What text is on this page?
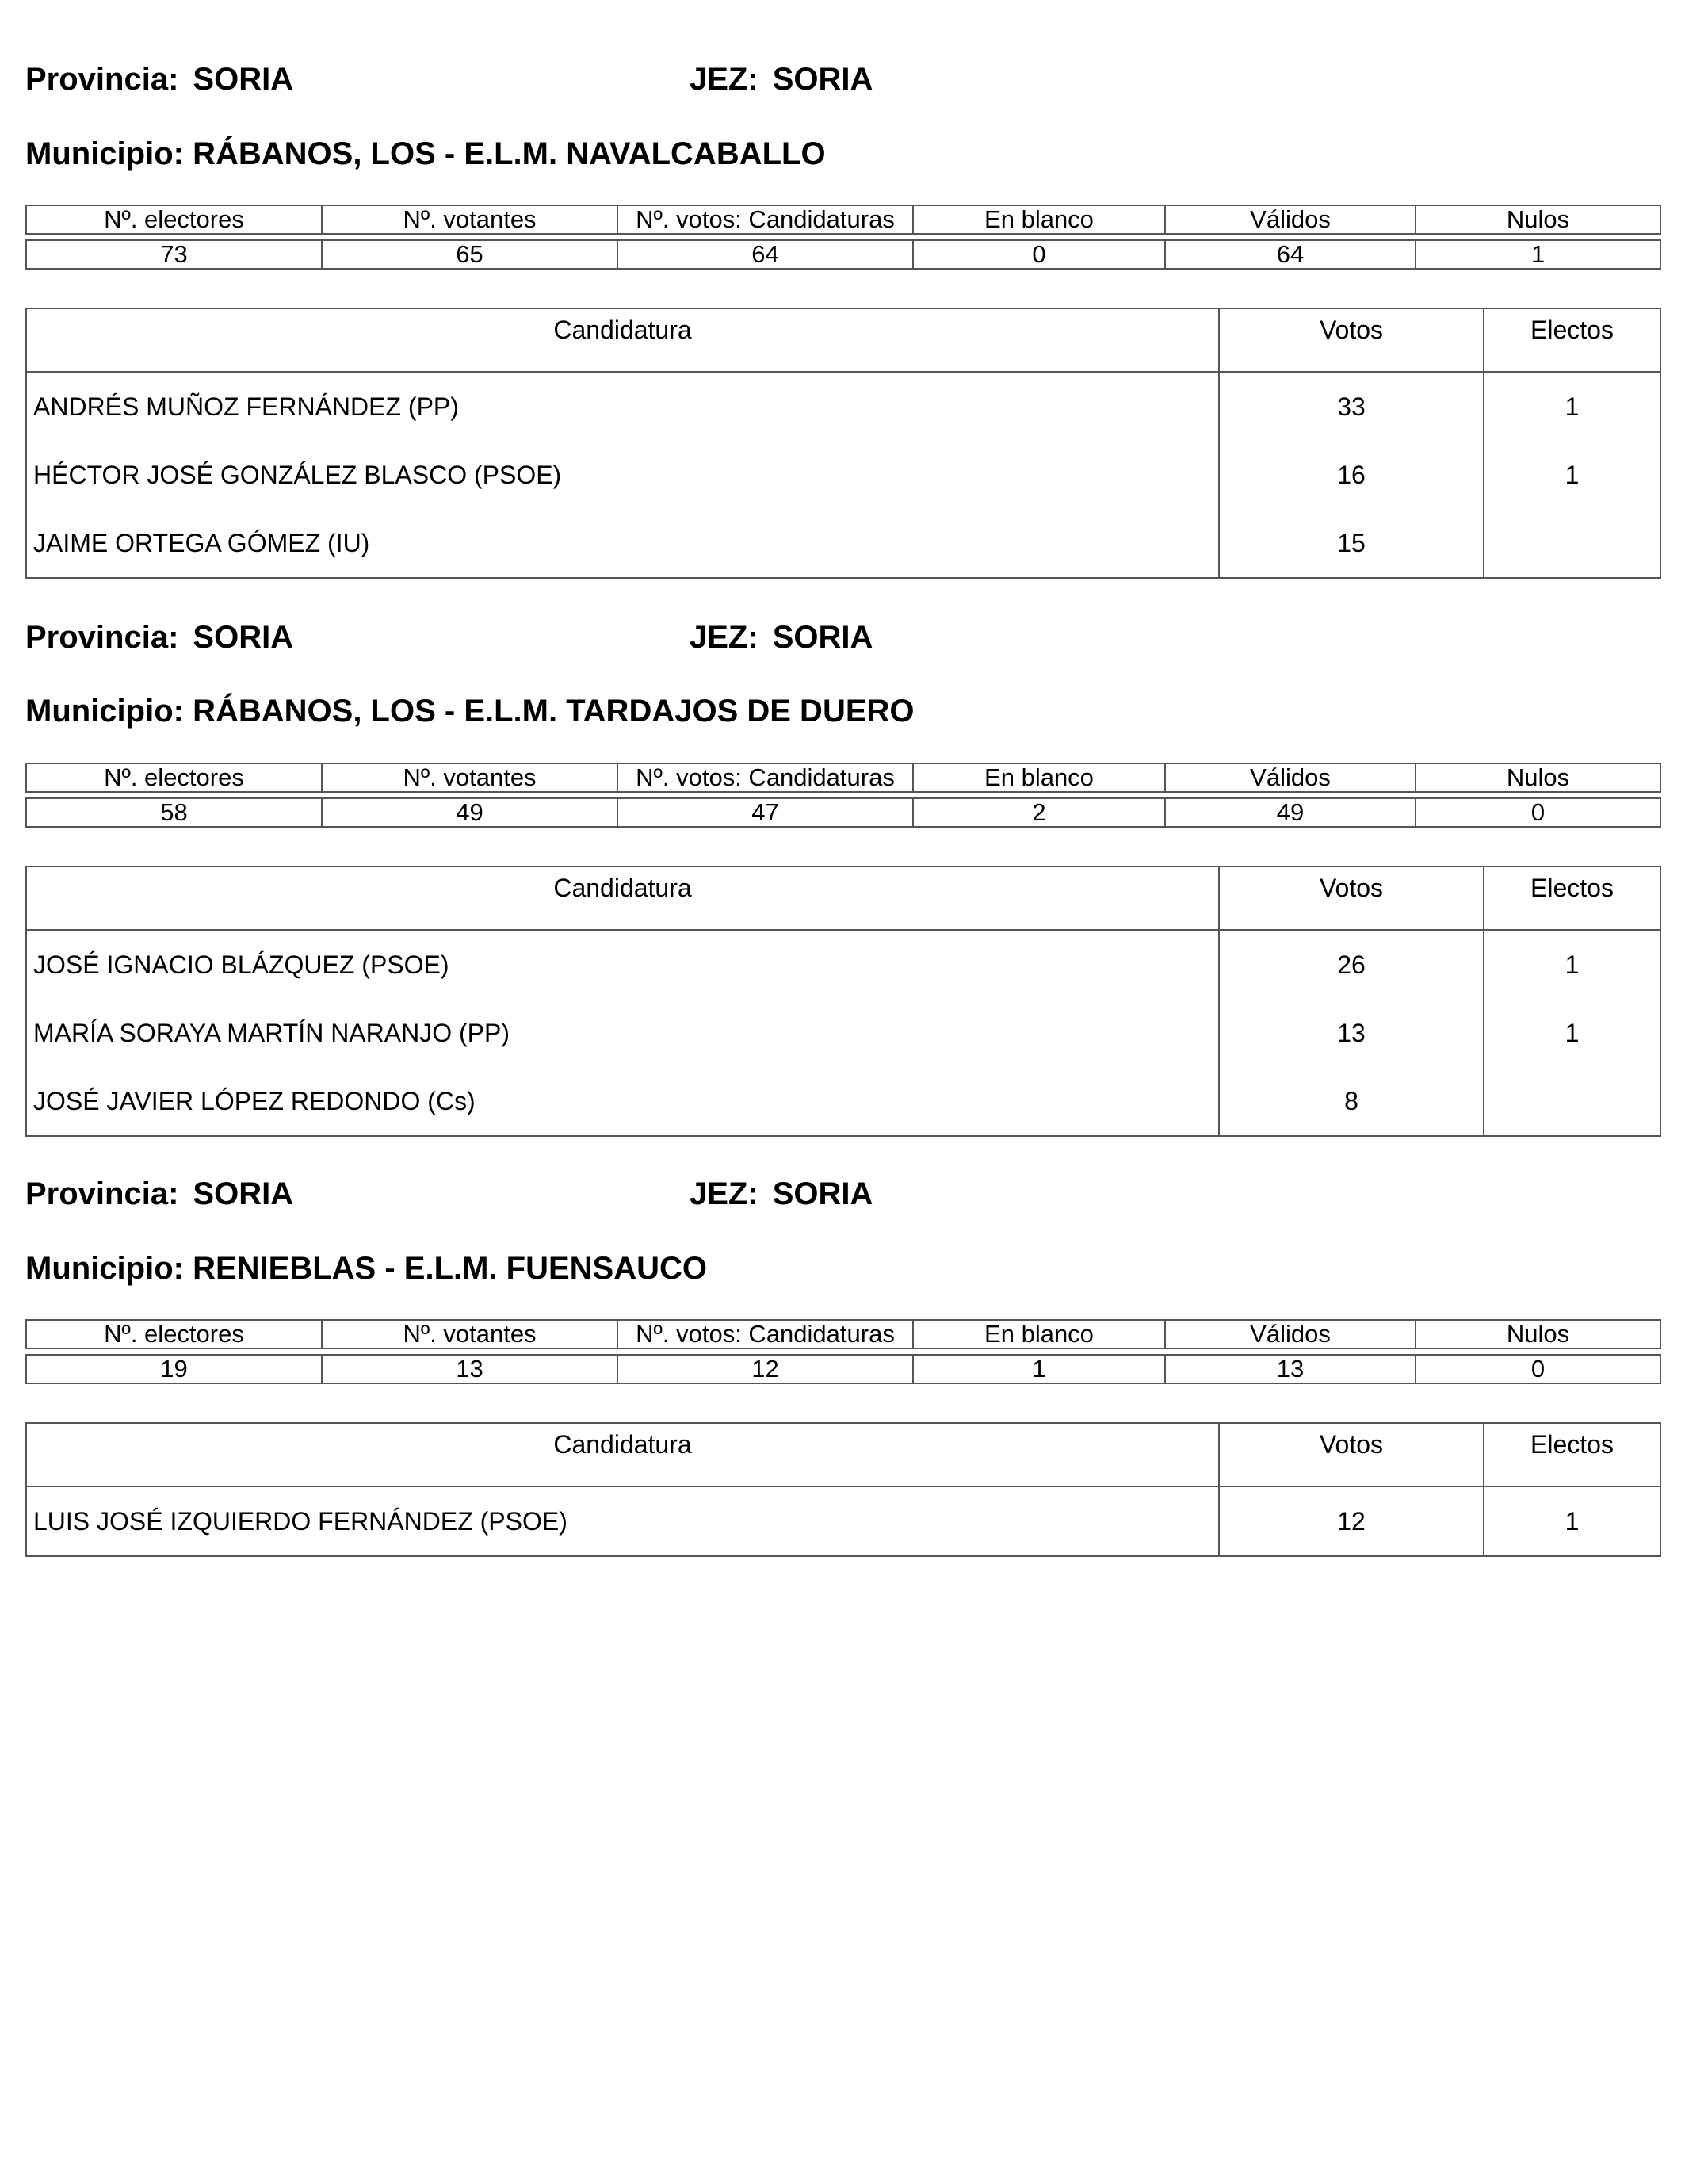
Provincia: SORIA	JEZ: SORIA
Municipio: RÁBANOS, LOS - E.L.M. NAVALCABALLO
Nº. electores	Nº. votantes	Nº. votos: Candidaturas	En blanco	Válidos	Nulos

73	65	64	0	64	1
Candidatura	Votos	Electos
ANDRÉS MUÑOZ FERNÁNDEZ (PP)	33	1
HÉCTOR JOSÉ GONZÁLEZ BLASCO (PSOE)	16	1
JAIME ORTEGA GÓMEZ (IU)	15
Provincia: SORIA	JEZ: SORIA
Municipio: RÁBANOS, LOS - E.L.M. TARDAJOS DE DUERO
Nº. electores	Nº. votantes	Nº. votos: Candidaturas	En blanco	Válidos	Nulos

58	49	47	2	49	0
Candidatura	Votos	Electos
JOSÉ IGNACIO BLÁZQUEZ (PSOE)	26	1
MARÍA SORAYA MARTÍN NARANJO (PP)	13	1
JOSÉ JAVIER LÓPEZ REDONDO (Cs)	8
Provincia: SORIA	JEZ: SORIA
Municipio: RENIEBLAS - E.L.M. FUENSAUCO
Nº. electores	Nº. votantes	Nº. votos: Candidaturas	En blanco	Válidos	Nulos

19	13	12	1	13	0
Candidatura	Votos	Electos
LUIS JOSÉ IZQUIERDO FERNÁNDEZ (PSOE)	12	1
